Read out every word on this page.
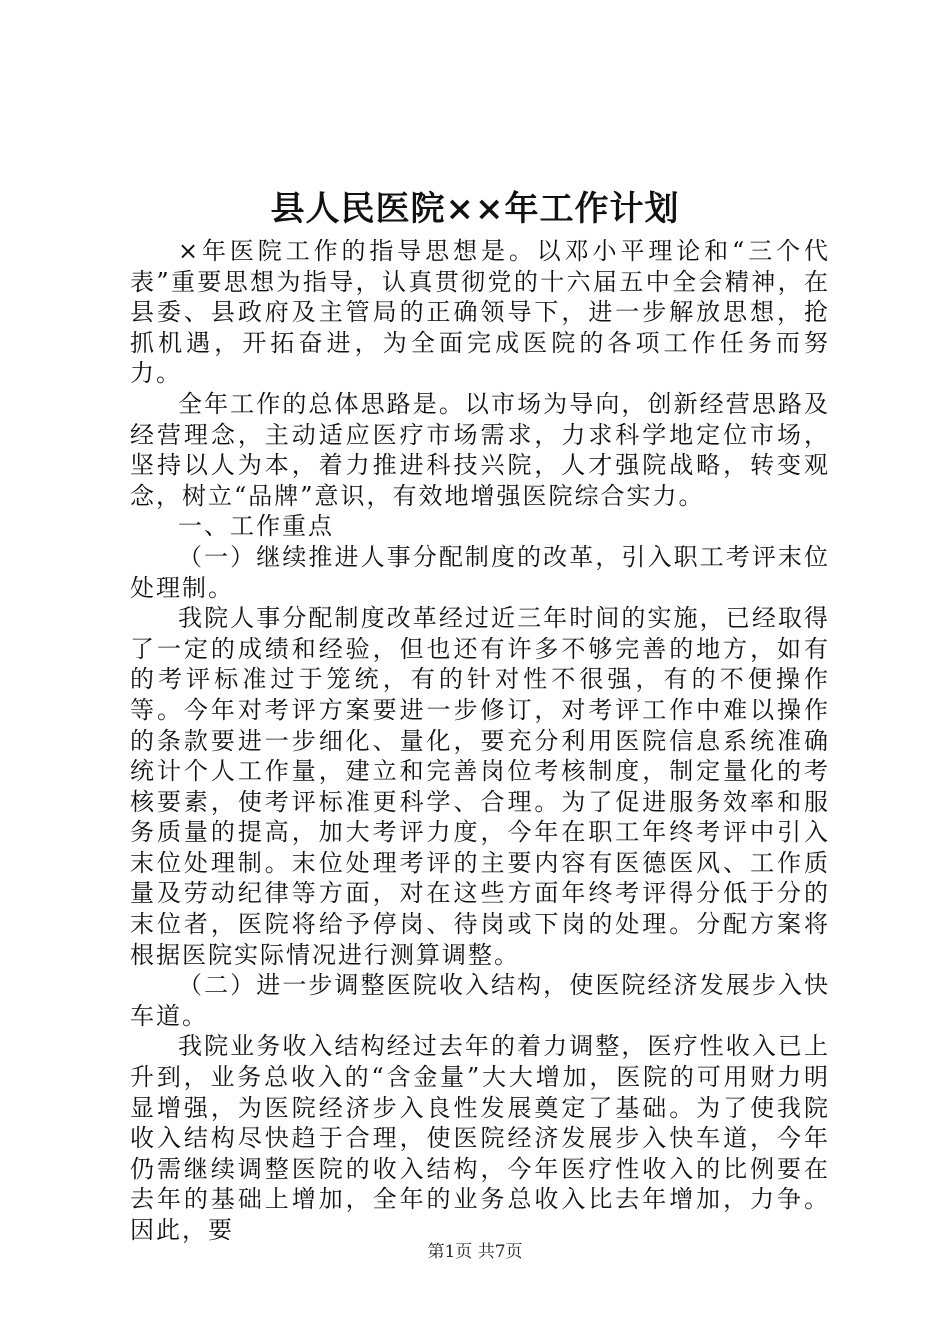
县人民医院××年工作计划

×年医院工作的指导思想是。以邓小平理论和“三个代表”重要思想为指导，认真贯彻党的十六届五中全会精神，在县委、县政府及主管局的正确领导下，进一步解放思想，抢抓机遇，开拓奋进，为全面完成医院的各项工作任务而努力。

全年工作的总体思路是。以市场为导向，创新经营思路及经营理念，主动适应医疗市场需求，力求科学地定位市场，坚持以人为本，着力推进科技兴院，人才强院战略，转变观念，树立“品牌”意识，有效地增强医院综合实力。

一、工作重点

（一）继续推进人事分配制度的改革，引入职工考评末位处理制。

我院人事分配制度改革经过近三年时间的实施，已经取得了一定的成绩和经验，但也还有许多不够完善的地方，如有的考评标准过于笼统，有的针对性不很强，有的不便操作等。今年对考评方案要进一步修订，对考评工作中难以操作的条款要进一步细化、量化，要充分利用医院信息系统准确统计个人工作量，建立和完善岗位考核制度，制定量化的考核要素，使考评标准更科学、合理。为了促进服务效率和服务质量的提高，加大考评力度，今年在职工年终考评中引入末位处理制。末位处理考评的主要内容有医德医风、工作质量及劳动纪律等方面，对在这些方面年终考评得分低于分的末位者，医院将给予停岗、待岗或下岗的处理。分配方案将根据医院实际情况进行测算调整。

（二）进一步调整医院收入结构，使医院经济发展步入快车道。

我院业务收入结构经过去年的着力调整，医疗性收入已上升到，业务总收入的“含金量”大大增加，医院的可用财力明显增强，为医院经济步入良性发展奠定了基础。为了使我院收入结构尽快趋于合理，使医院经济发展步入快车道，今年仍需继续调整医院的收入结构，今年医疗性收入的比例要在去年的基础上增加，全年的业务总收入比去年增加，力争。因此，要

第1页 共7页
